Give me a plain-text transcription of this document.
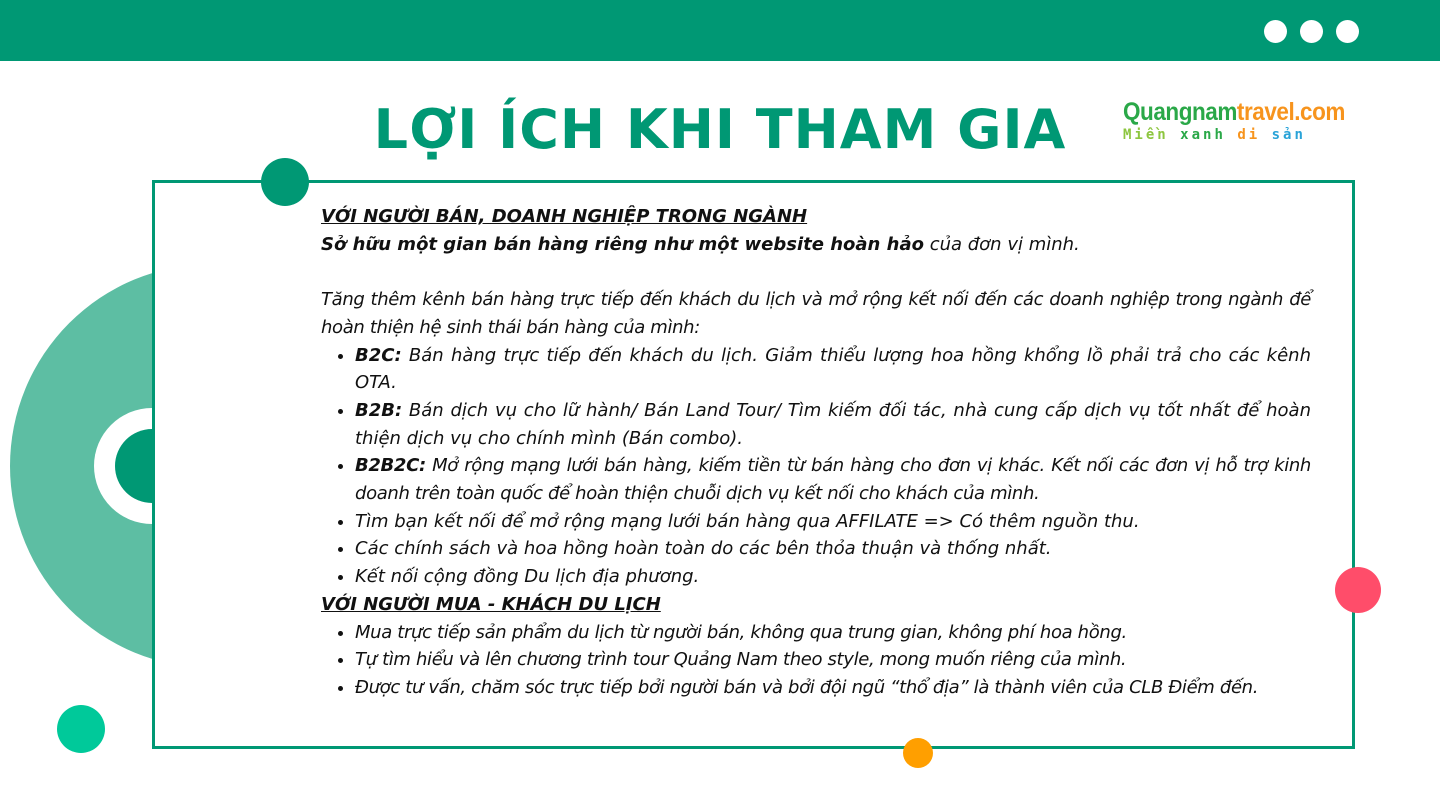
LỢI ÍCH KHI THAM GIA	Quangnamtravel.com
Miền xanh di sản

VỚI NGƯỜI BÁN, DOANH NGHIỆP TRONG NGÀNH

Sở hữu một gian bán hàng riêng như một website hoàn hảo của đơn vị mình.

Tăng thêm kênh bán hàng trực tiếp đến khách du lịch và mở rộng kết nối đến các doanh nghiệp trong ngành để hoàn thiện hệ sinh thái bán hàng của mình:

• B2C: Bán hàng trực tiếp đến khách du lịch. Giảm thiểu lượng hoa hồng khổng lồ phải trả cho các kênh OTA.
• B2B: Bán dịch vụ cho lữ hành/ Bán Land Tour/ Tìm kiếm đối tác, nhà cung cấp dịch vụ tốt nhất để hoàn thiện dịch vụ cho chính mình (Bán combo).
• B2B2C: Mở rộng mạng lưới bán hàng, kiếm tiền từ bán hàng cho đơn vị khác. Kết nối các đơn vị hỗ trợ kinh doanh trên toàn quốc để hoàn thiện chuỗi dịch vụ kết nối cho khách của mình.
• Tìm bạn kết nối để mở rộng mạng lưới bán hàng qua AFFILATE => Có thêm nguồn thu.
• Các chính sách và hoa hồng hoàn toàn do các bên thỏa thuận và thống nhất.
• Kết nối cộng đồng Du lịch địa phương.

VỚI NGƯỜI MUA - KHÁCH DU LỊCH

• Mua trực tiếp sản phẩm du lịch từ người bán, không qua trung gian, không phí hoa hồng.
• Tự tìm hiểu và lên chương trình tour Quảng Nam theo style, mong muốn riêng của mình.
• Được tư vấn, chăm sóc trực tiếp bởi người bán và bởi đội ngũ “thổ địa” là thành viên của CLB Điểm đến.
